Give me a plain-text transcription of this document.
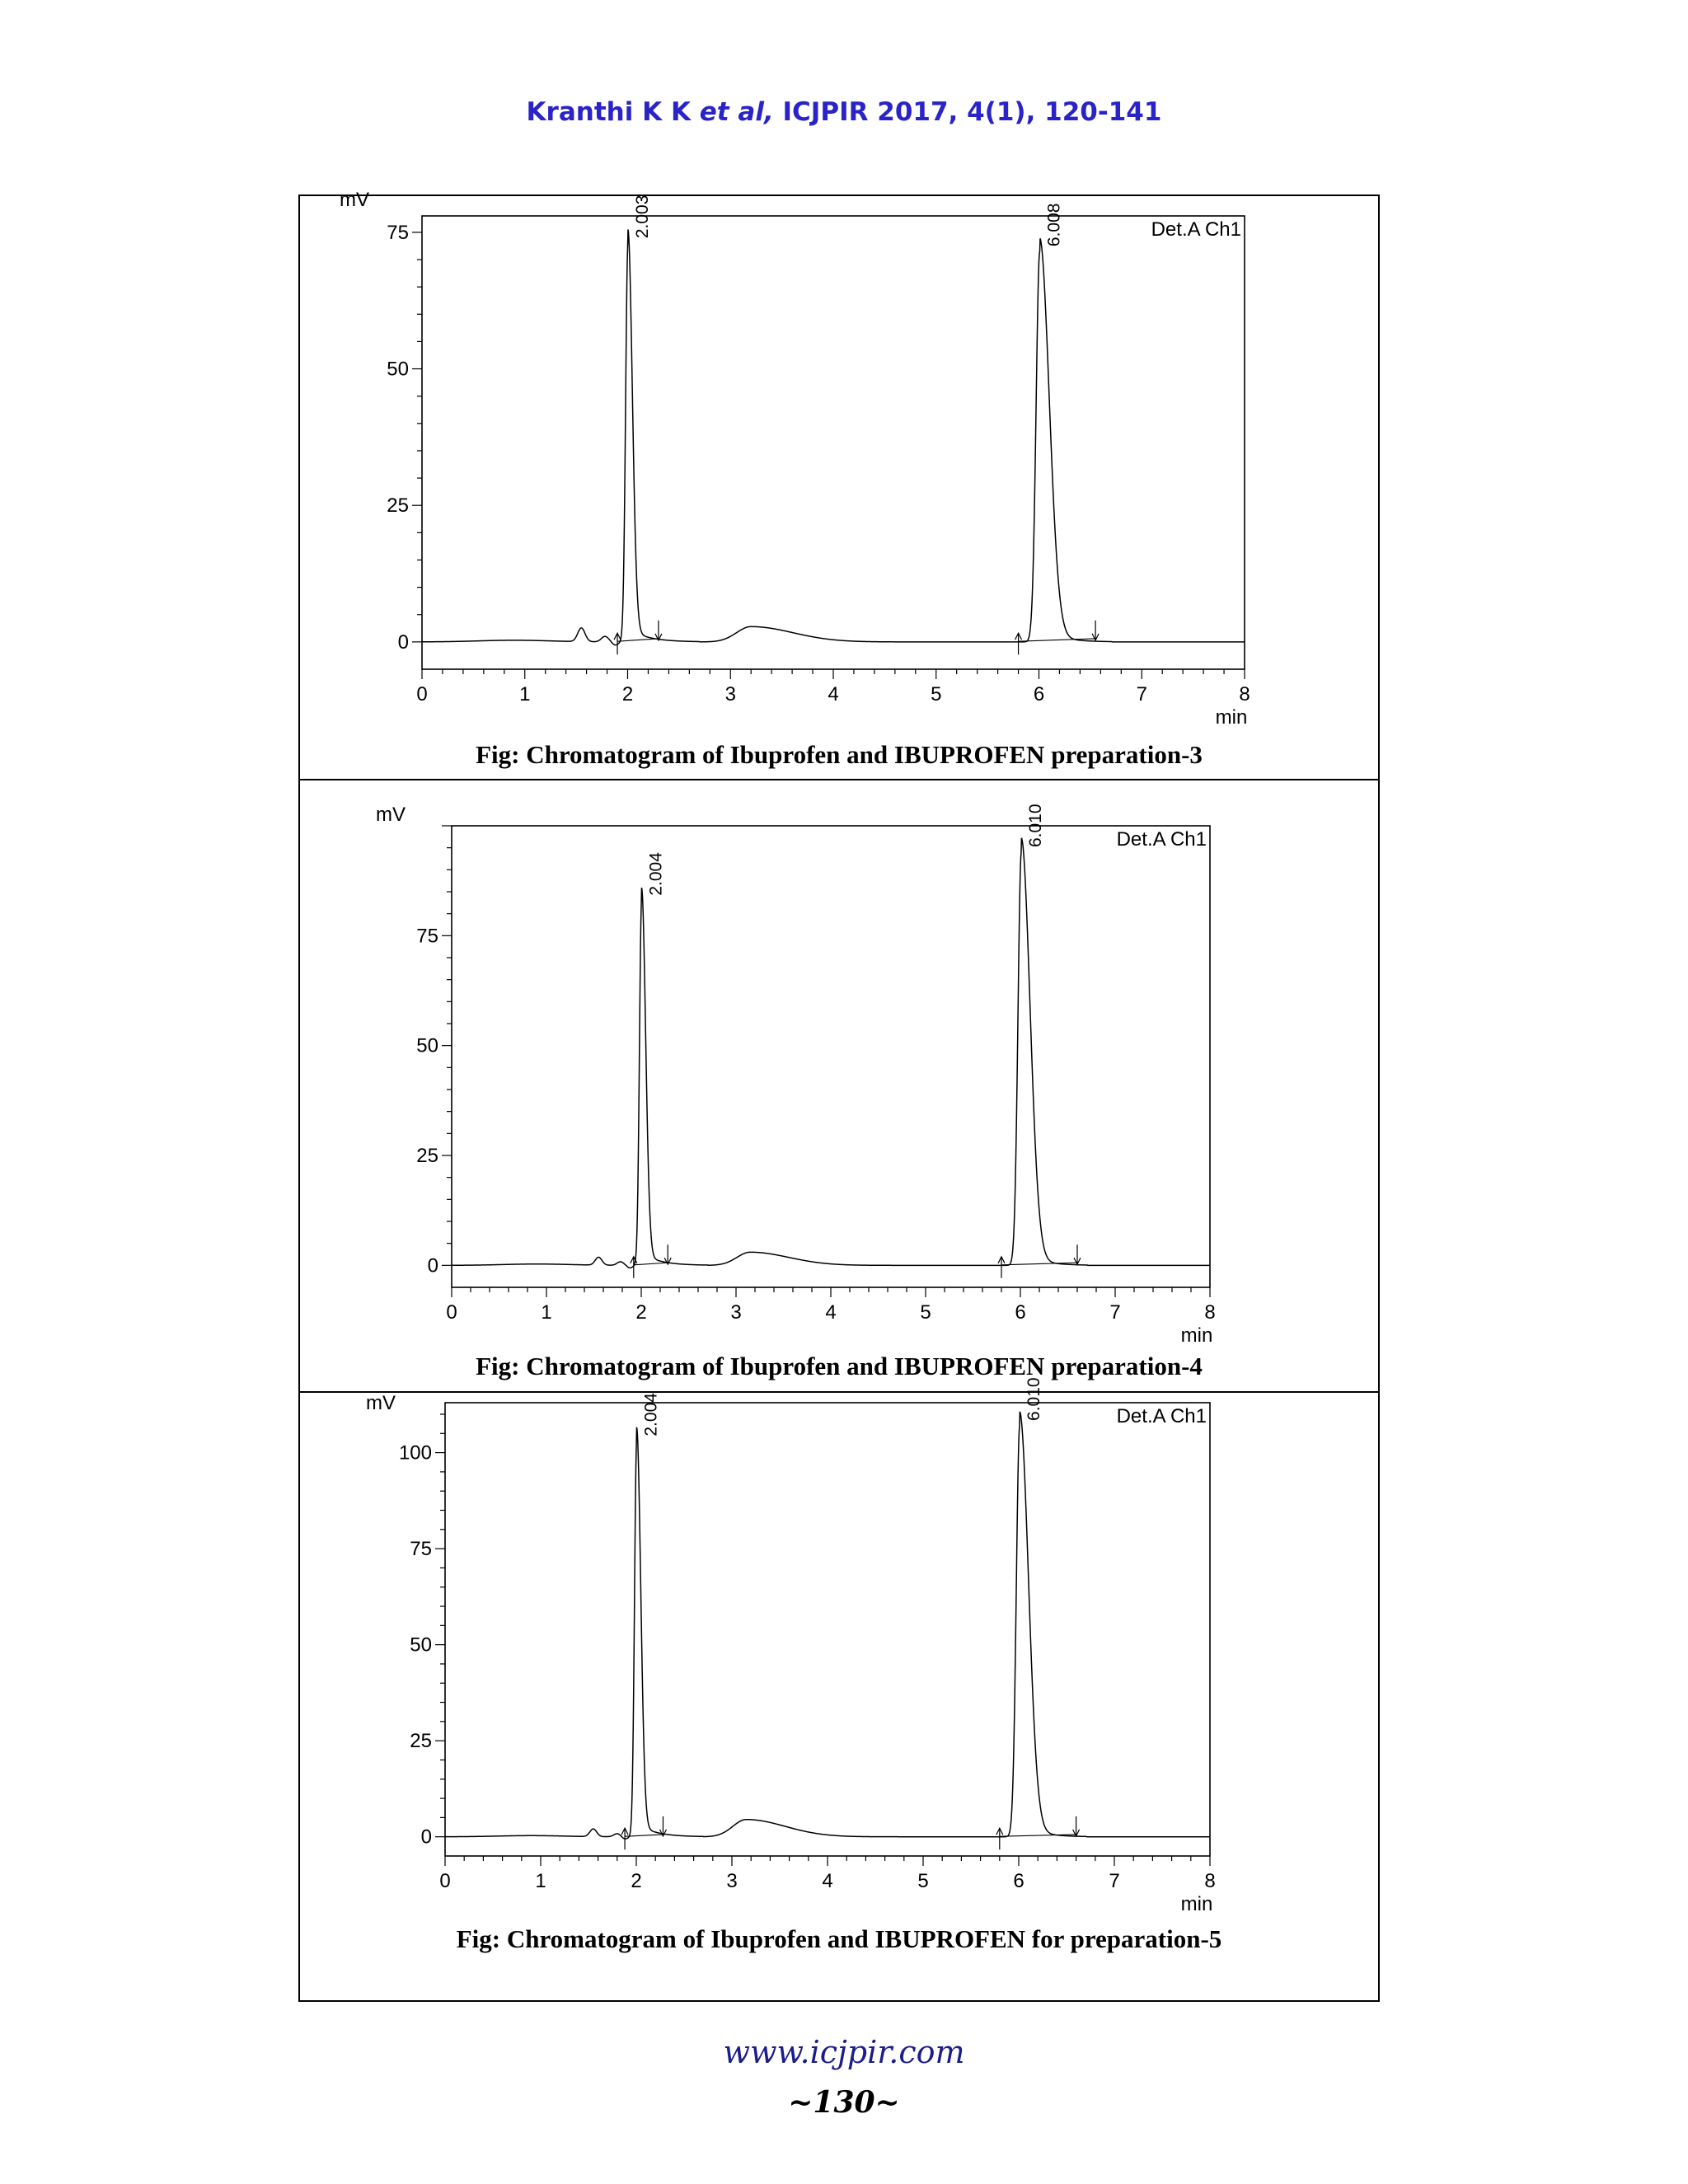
Kranthi K K et al, ICJPIR 2017, 4(1), 120-141
0	1	2	3	4	5	6	7	8
0
25
50
75
min
mV
Det.A Ch1
2.003	6.008
0	1	2	3	4	5	6	7	8
0
25
50
75
min
mV
Det.A Ch1
2.004
6.010
0	1	2	3	4	5	6	7	8
0
25
50
75
100
min
mV
Det.A Ch1
2.004	6.010
Fig: Chromatogram of Ibuprofen and IBUPROFEN preparation-3
Fig: Chromatogram of Ibuprofen and IBUPROFEN preparation-4
Fig: Chromatogram of Ibuprofen and IBUPROFEN for preparation-5
www.icjpir.com
~130~
